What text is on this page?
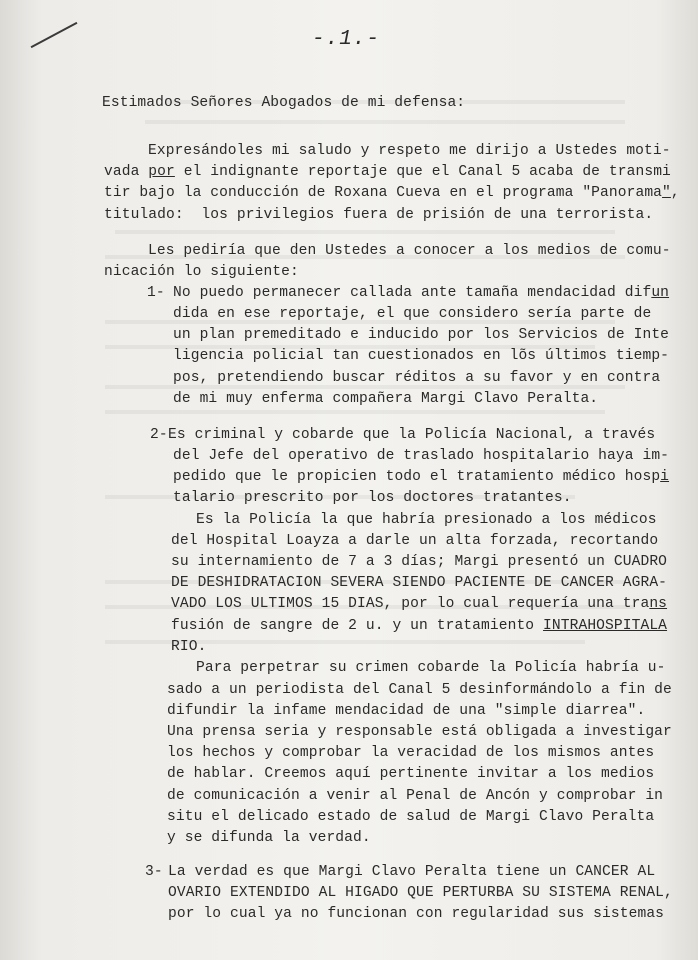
-.1.-
Estimados Señores Abogados de mi defensa:
Expresándoles mi saludo y respeto me dirijo a Ustedes moti-
vada por el indignante reportaje que el Canal 5 acaba de transmi
tir bajo la conducción de Roxana Cueva en el programa "Panorama",
titulado:  los privilegios fuera de prisión de una terrorista.
Les pediría que den Ustedes a conocer a los medios de comu-
nicación lo siguiente:
1- No puedo permanecer callada ante tamaña mendacidad difun
dida en ese reportaje, el que considero sería parte de
un plan premeditado e inducido por los Servicios de Inte
ligencia policial tan cuestionados en lõs últimos tiemp-
pos, pretendiendo buscar réditos a su favor y en contra
de mi muy enferma compañera Margi Clavo Peralta.
2- Es criminal y cobarde que la Policía Nacional, a través
del Jefe del operativo de traslado hospitalario haya im-
pedido que le propicien todo el tratamiento médico hospi
talario prescrito por los doctores tratantes.
Es la Policía la que habría presionado a los médicos
del Hospital Loayza a darle un alta forzada, recortando
su internamiento de 7 a 3 días; Margi presentó un CUADRO
DE DESHIDRATACION SEVERA SIENDO PACIENTE DE CANCER AGRA-
VADO LOS ULTIMOS 15 DIAS, por lo cual requería una trans
fusión de sangre de 2 u. y un tratamiento INTRAHOSPITALA
RIO.
Para perpetrar su crimen cobarde la Policía habría u-
sado a un periodista del Canal 5 desinformándolo a fin de
difundir la infame mendacidad de una "simple diarrea".
Una prensa seria y responsable está obligada a investigar
los hechos y comprobar la veracidad de los mismos antes
de hablar. Creemos aquí pertinente invitar a los medios
de comunicación a venir al Penal de Ancón y comprobar in
situ el delicado estado de salud de Margi Clavo Peralta
y se difunda la verdad.
3- La verdad es que Margi Clavo Peralta tiene un CANCER AL
OVARIO EXTENDIDO AL HIGADO QUE PERTURBA SU SISTEMA RENAL,
por lo cual ya no funcionan con regularidad sus sistemas
